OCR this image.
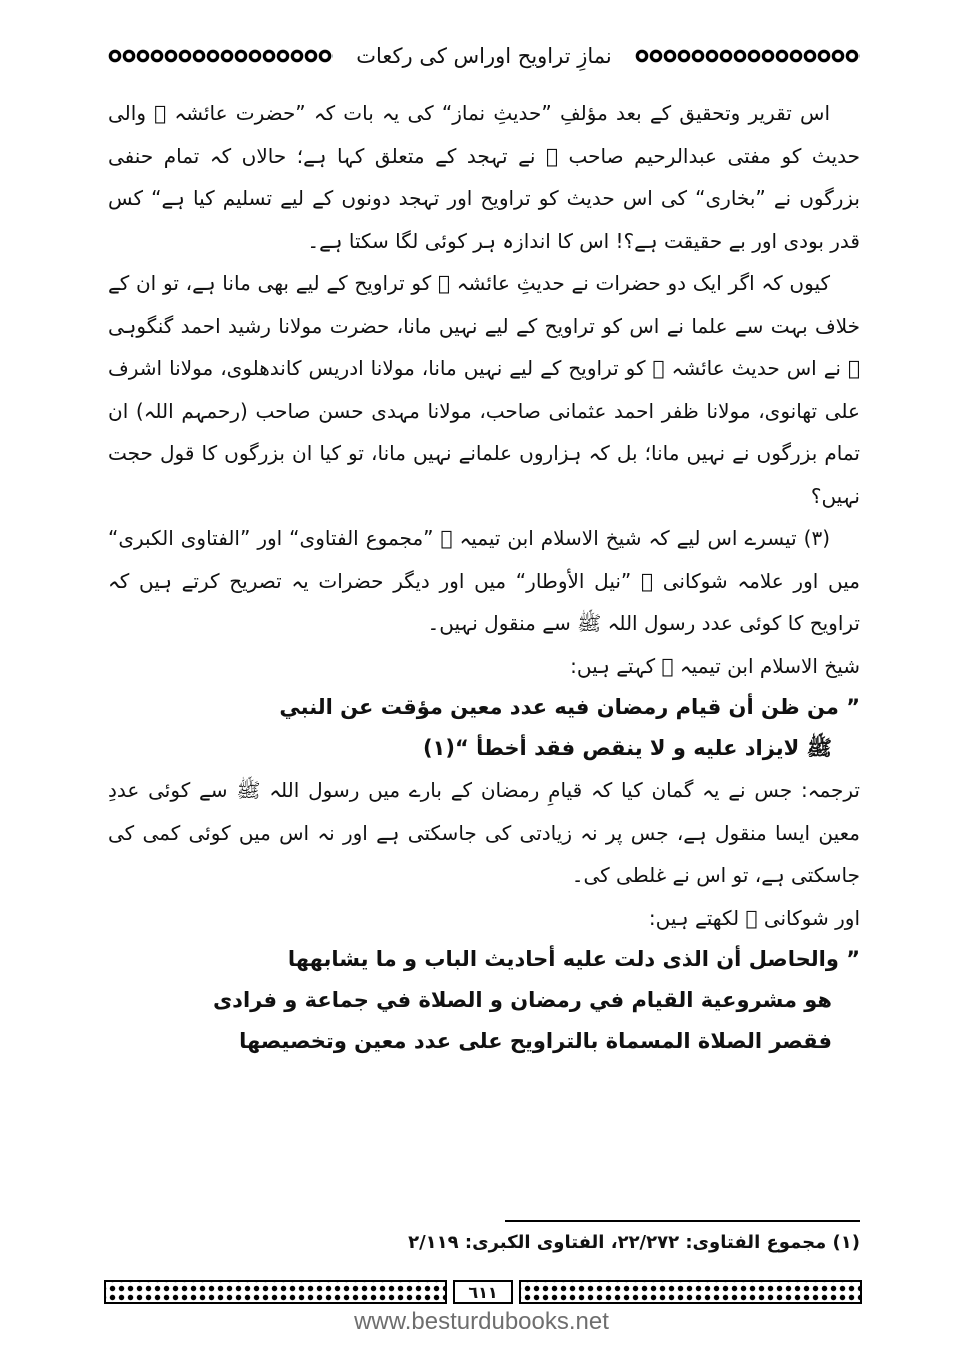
نمازِ تراویح اوراس کی رکعات

اس تقریر وتحقیق کے بعد مؤلفِ ”حدیثِ نماز“ کی یہ بات کہ ”حضرت عائشہ ﷞ والی حدیث کو مفتی عبدالرحیم صاحب ﷫ نے تہجد کے متعلق کہا ہے؛ حالاں کہ تمام حنفی بزرگوں نے ”بخاری“ کی اس حدیث کو تراویح اور تہجد دونوں کے لیے تسلیم کیا ہے“ کس قدر بودی اور بے حقیقت ہے؟! اس کا اندازہ ہر کوئی لگا سکتا ہے۔

کیوں کہ اگر ایک دو حضرات نے حدیثِ عائشہ ﷞ کو تراویح کے لیے بھی مانا ہے، تو ان کے خلاف بہت سے علما نے اس کو تراویح کے لیے نہیں مانا، حضرت مولانا رشید احمد گنگوہی ﷫ نے اس حدیث عائشہ ﷞ کو تراویح کے لیے نہیں مانا، مولانا ادریس کاندھلوی، مولانا اشرف علی تھانوی، مولانا ظفر احمد عثمانی صاحب، مولانا مہدی حسن صاحب (رحمہم اللہ) ان تمام بزرگوں نے نہیں مانا؛ بل کہ ہزاروں علمانے نہیں مانا، تو کیا ان بزرگوں کا قول حجت نہیں؟

(۳) تیسرے اس لیے کہ شیخ الاسلام ابن تیمیہ ﷫ ”مجموع الفتاوی“ اور ”الفتاوی الکبری“ میں اور علامہ شوکانی ﷫ ”نیل الأوطار“ میں اور دیگر حضرات یہ تصریح کرتے ہیں کہ تراویح کا کوئی عدد رسول اللہ ﷺ سے منقول نہیں۔

شیخ الاسلام ابن تیمیہ ﷫ کہتے ہیں:

” من ظن أن قيام رمضان فيه عدد معين مؤقت عن النبي

ﷺ لايزاد عليه و لا ينقص فقد أخطأ “(١)

ترجمہ: جس نے یہ گمان کیا کہ قیامِ رمضان کے بارے میں رسول اللہ ﷺ سے کوئی عددِ معین ایسا منقول ہے، جس پر نہ زیادتی کی جاسکتی ہے اور نہ اس میں کوئی کمی کی جاسکتی ہے، تو اس نے غلطی کی۔

اور شوکانی ﷫ لکھتے ہیں:

” والحاصل أن الذى دلت عليه أحاديث الباب و ما يشابهها

هو مشروعية القيام في رمضان و الصلاة في جماعة و فرادى

فقصر الصلاة المسماة بالتراويح على عدد معين وتخصيصها

(١) مجموع الفتاوى: ٢٢/٢٧٢، الفتاوى الكبرى: ٢/١١٩
٦١١
www.besturdubooks.net
